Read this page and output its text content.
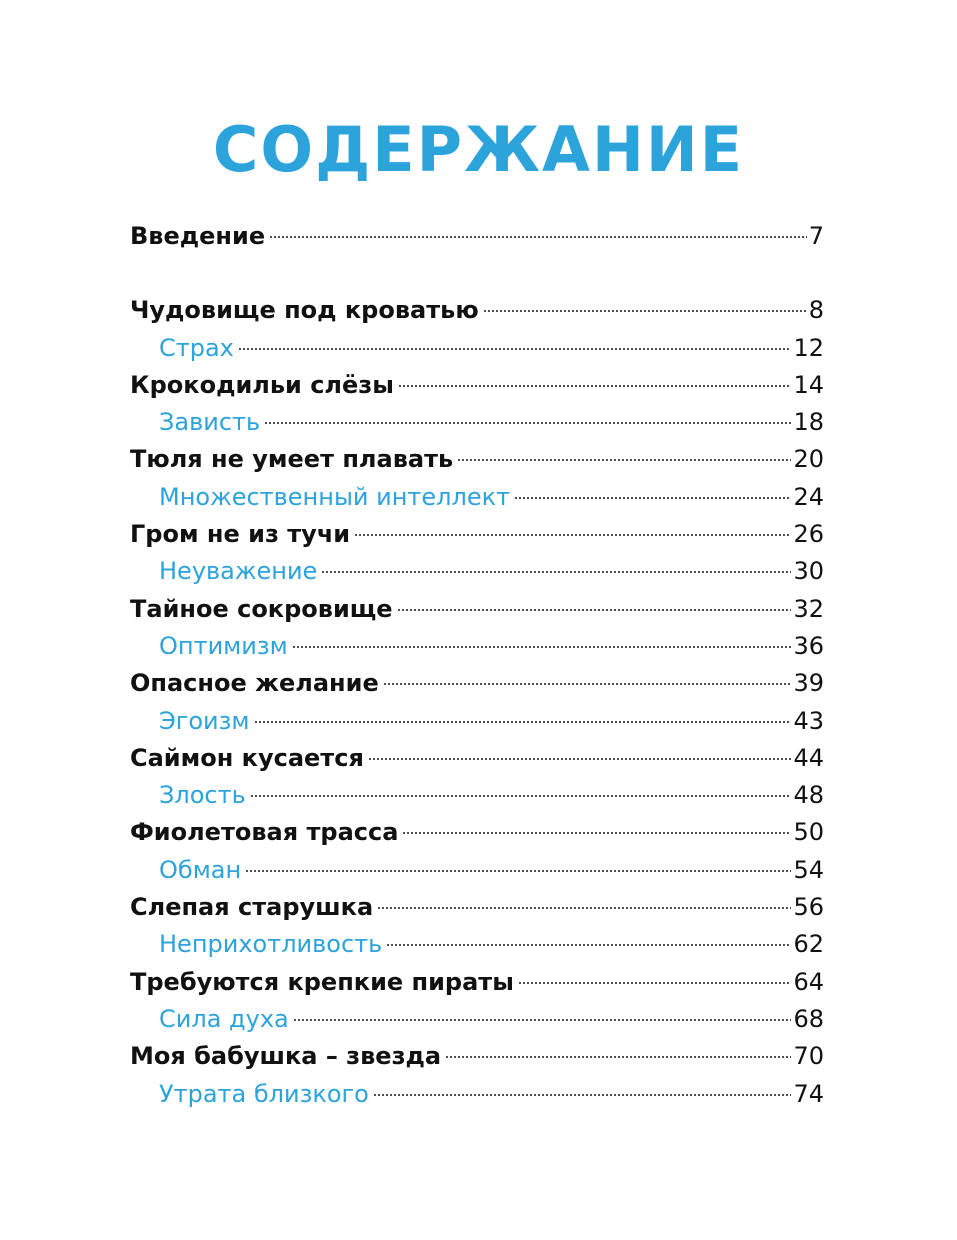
СОДЕРЖАНИЕ
Введение	7
Чудовище под кроватью	8
Страх	12
Крокодильи слёзы	14
Зависть	18
Тюля не умеет плавать	20
Множественный интеллект	24
Гром не из тучи	26
Неуважение	30
Тайное сокровище	32
Оптимизм	36
Опасное желание	39
Эгоизм	43
Саймон кусается	44
Злость	48
Фиолетовая трасса	50
Обман	54
Слепая старушка	56
Неприхотливость	62
Требуются крепкие пираты	64
Сила духа	68
Моя бабушка – звезда	70
Утрата близкого	74
